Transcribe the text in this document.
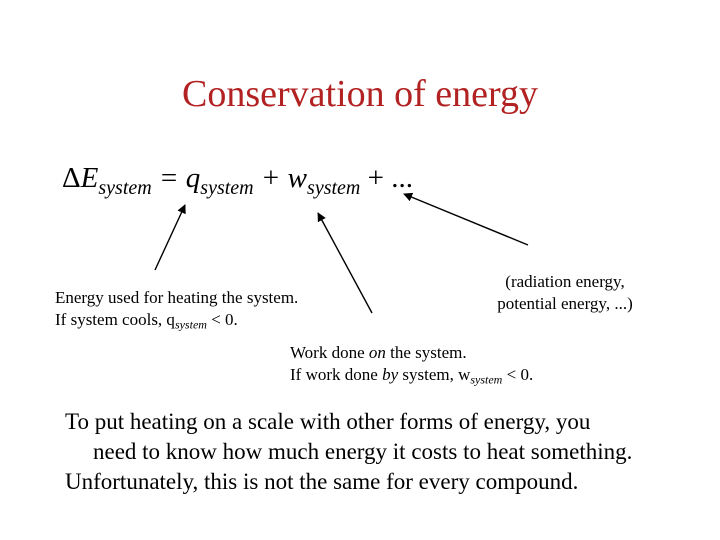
Conservation of energy
$\Delta E_{system} = q_{system} + w_{system}$ + ...
Energy used for heating the system.
If system cools, $q_{system} < 0$.
(radiation energy,
potential energy, ...)
Work done on the system.
If work done by system, $w_{system} < 0$.
To put heating on a scale with other forms of energy, you
need to know how much energy it costs to heat something.
Unfortunately, this is not the same for every compound.
